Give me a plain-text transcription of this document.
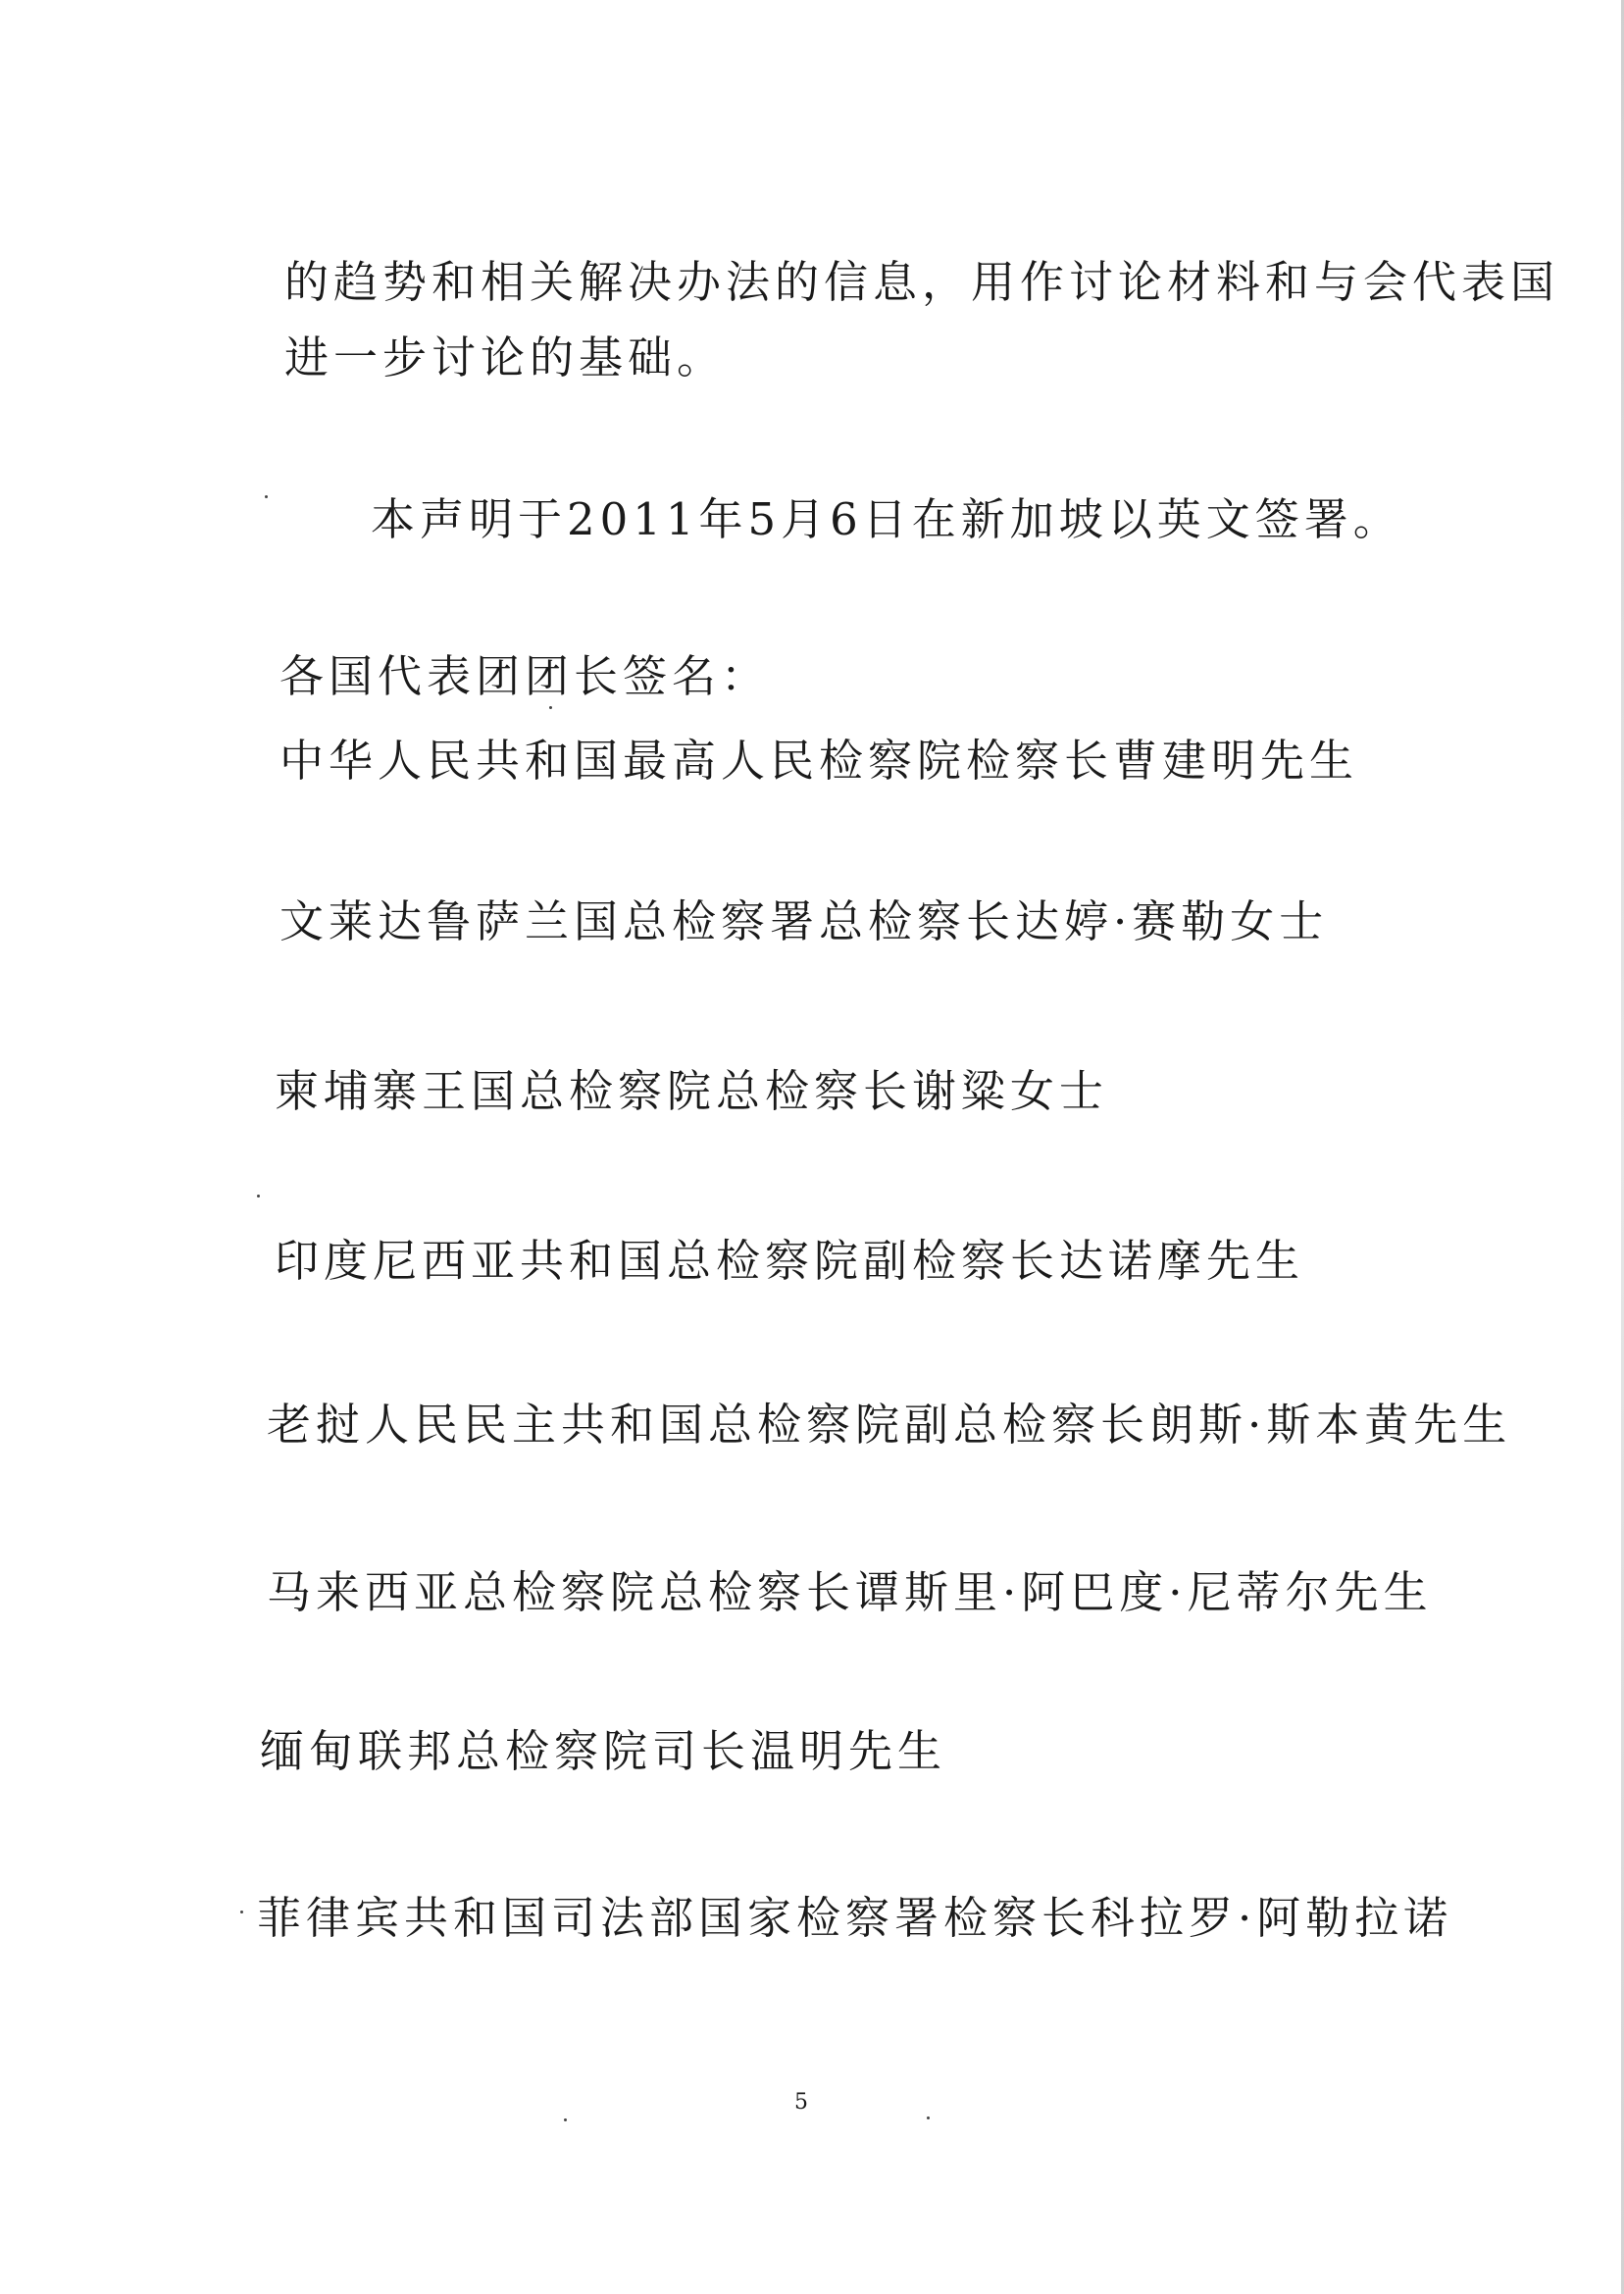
的趋势和相关解决办法的信息，用作讨论材料和与会代表国
进一步讨论的基础。
本声明于2011年5月6日在新加坡以英文签署。
各国代表团团长签名：
中华人民共和国最高人民检察院检察长曹建明先生
文莱达鲁萨兰国总检察署总检察长达婷·赛勒女士
柬埔寨王国总检察院总检察长谢粱女士
印度尼西亚共和国总检察院副检察长达诺摩先生
老挝人民民主共和国总检察院副总检察长朗斯·斯本黄先生
马来西亚总检察院总检察长谭斯里·阿巴度·尼蒂尔先生
缅甸联邦总检察院司长温明先生
菲律宾共和国司法部国家检察署检察长科拉罗·阿勒拉诺
5
